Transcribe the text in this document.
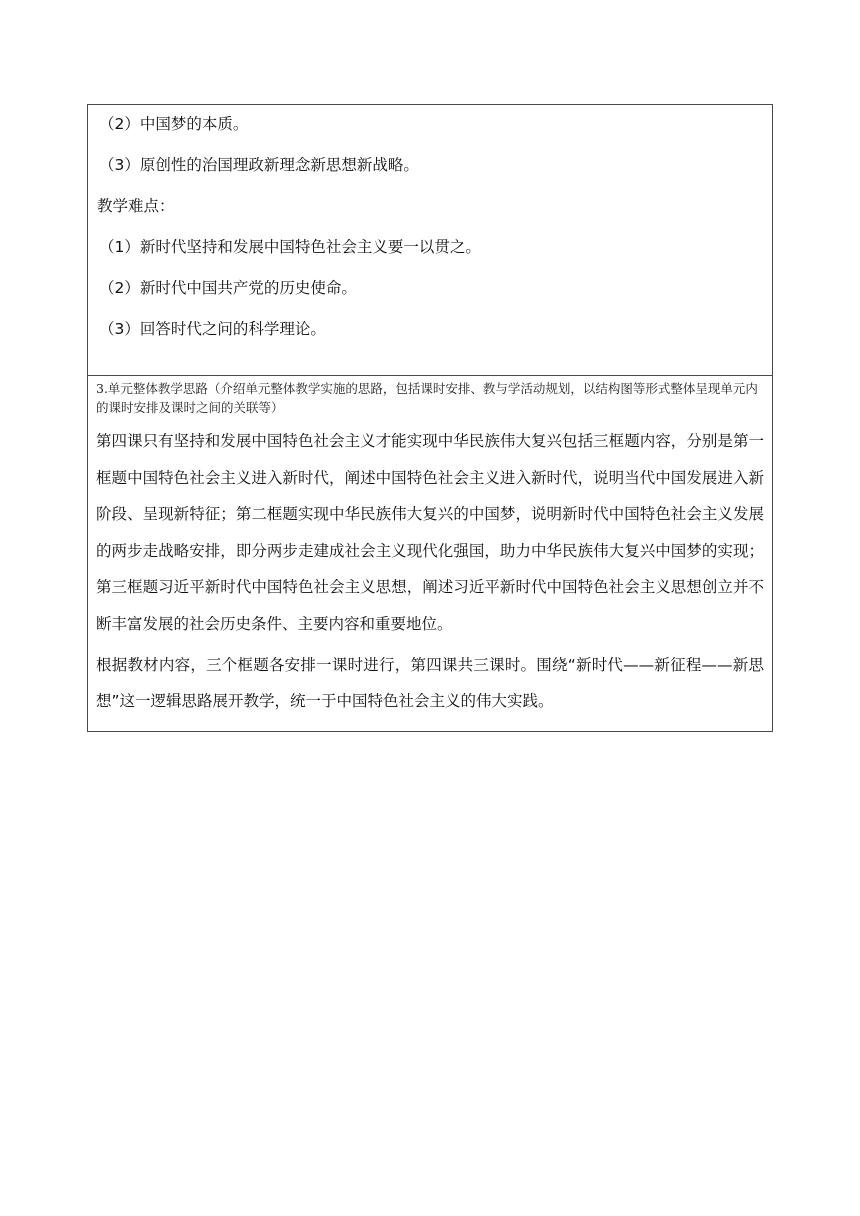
（2）中国梦的本质。

（3）原创性的治国理政新理念新思想新战略。

教学难点：

（1）新时代坚持和发展中国特色社会主义要一以贯之。

（2）新时代中国共产党的历史使命。

（3）回答时代之问的科学理论。

3.单元整体教学思路（介绍单元整体教学实施的思路，包括课时安排、教与学活动规划，以结构图等形式整体呈现单元内的课时安排及课时之间的关联等）

第四课只有坚持和发展中国特色社会主义才能实现中华民族伟大复兴包括三框题内容，分别是第一框题中国特色社会主义进入新时代，阐述中国特色社会主义进入新时代，说明当代中国发展进入新阶段、呈现新特征；第二框题实现中华民族伟大复兴的中国梦，说明新时代中国特色社会主义发展的两步走战略安排，即分两步走建成社会主义现代化强国，助力中华民族伟大复兴中国梦的实现；第三框题习近平新时代中国特色社会主义思想，阐述习近平新时代中国特色社会主义思想创立并不断丰富发展的社会历史条件、主要内容和重要地位。

根据教材内容，三个框题各安排一课时进行，第四课共三课时。围绕“新时代——新征程——新思想”这一逻辑思路展开教学，统一于中国特色社会主义的伟大实践。
